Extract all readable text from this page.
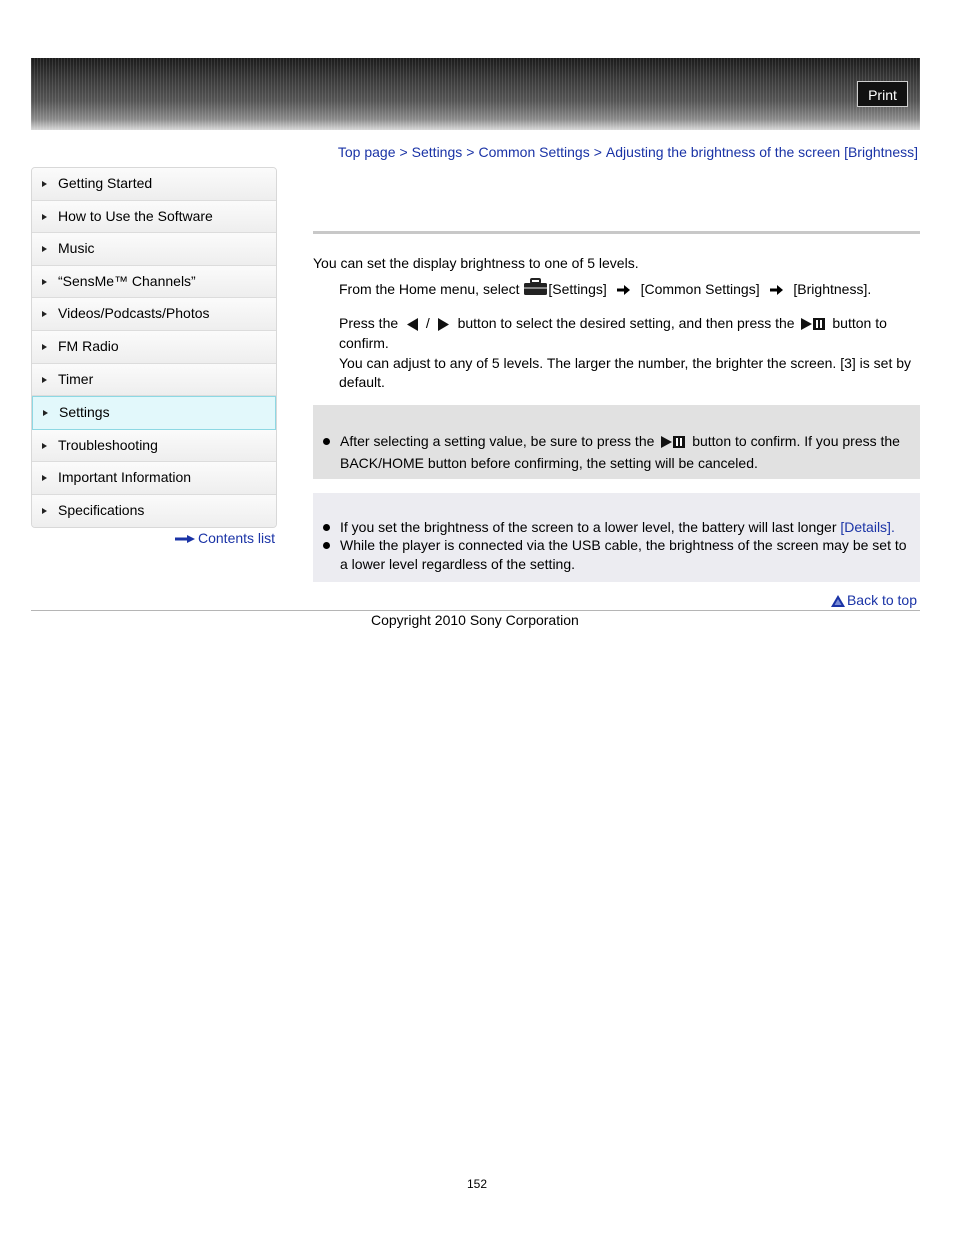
Print
Top page > Settings > Common Settings > Adjusting the brightness of the screen [Brightness]
Getting Started
How to Use the Software
Music
“SensMe™ Channels”
Videos/Podcasts/Photos
FM Radio
Timer
Settings
Troubleshooting
Important Information
Specifications
Contents list
You can set the display brightness to one of 5 levels.
From the Home menu, select [Settings] [Common Settings] [Brightness].
Press the / button to select the desired setting, and then press the	button to confirm.
You can adjust to any of 5 levels. The larger the number, the brighter the screen. [3] is set by default.
After selecting a setting value, be sure to press the	button to confirm. If you press the BACK/HOME button before confirming, the setting will be canceled.
If you set the brightness of the screen to a lower level, the battery will last longer [Details].
While the player is connected via the USB cable, the brightness of the screen may be set to a lower level regardless of the setting.
Back to top
Copyright 2010 Sony Corporation
152
